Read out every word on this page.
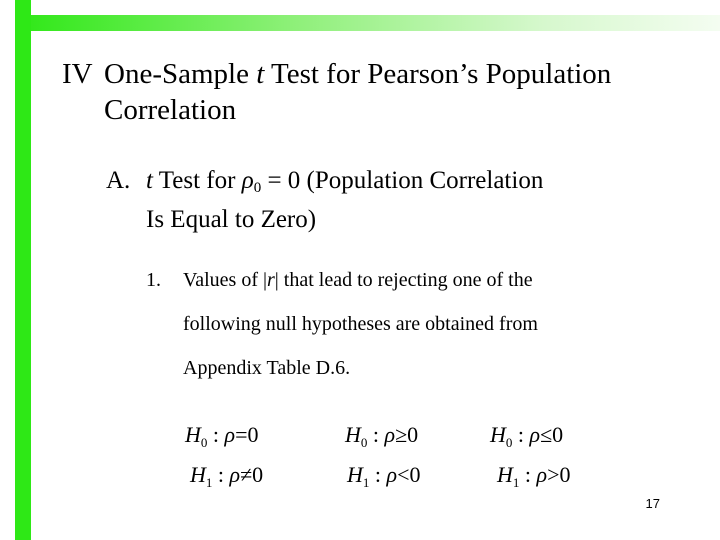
IV One-Sample t Test for Pearson’s Population
Correlation
A. t Test for $\rho_0 = 0$ (Population Correlation
Is Equal to Zero)
1. Values of |r| that lead to rejecting one of the
following null hypotheses are obtained from
Appendix Table D.6.
$H_0$ : ρ=0
$H_1$ : ρ≠0
$H_0$ : ρ≥0
$H_1$ : ρ<0
$H_0$ : ρ≤0
$H_1$ : ρ>0
17
